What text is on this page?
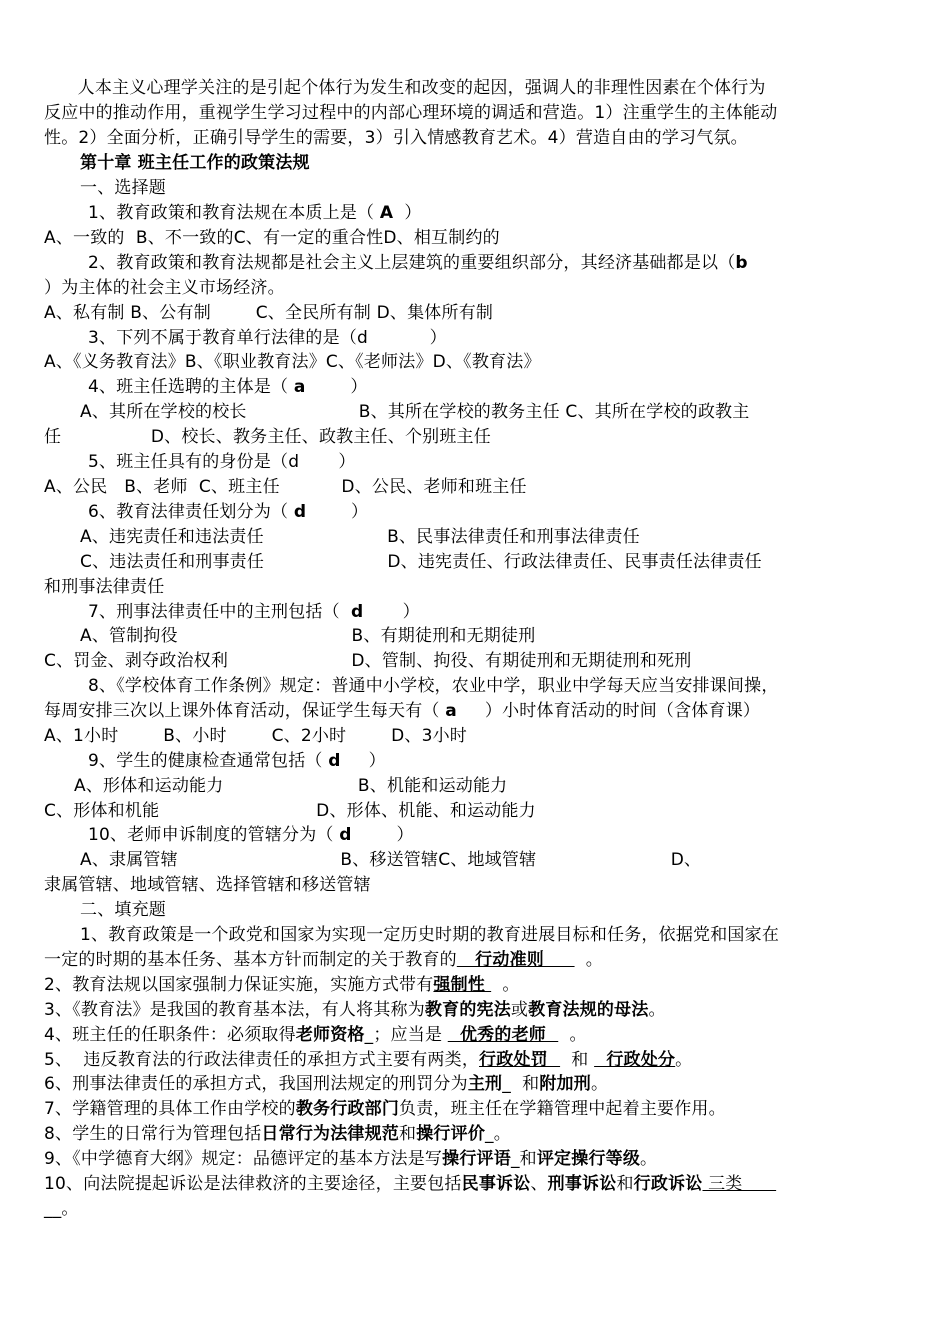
人本主义心理学关注的是引起个体行为发生和改变的起因，强调人的非理性因素在个体行为
反应中的推动作用，重视学生学习过程中的内部心理环境的调适和营造。1）注重学生的主体能动
性。2）全面分析，正确引导学生的需要，3）引入情感教育艺术。4）营造自由的学习气氛。
第十章 班主任工作的政策法规
一、选择题
1、教育政策和教育法规在本质上是（ A  ）
A、一致的  B、不一致的C、有一定的重合性D、相互制约的
2、教育政策和教育法规都是社会主义上层建筑的重要组织部分，其经济基础都是以（b
）为主体的社会主义市场经济。
A、私有制 B、公有制        C、全民所有制 D、集体所有制
3、下列不属于教育单行法律的是（d           ）
A、《义务教育法》B、《职业教育法》C、《老师法》D、《教育法》
4、班主任选聘的主体是（ a        ）
A、其所在学校的校长                    B、其所在学校的教务主任 C、其所在学校的政教主
任                D、校长、教务主任、政教主任、个别班主任
5、班主任具有的身份是（d       ）
A、公民   B、老师  C、班主任           D、公民、老师和班主任
6、教育法律责任划分为（ d        ）
A、违宪责任和违法责任                      B、民事法律责任和刑事法律责任
C、违法责任和刑事责任                      D、违宪责任、行政法律责任、民事责任法律责任
和刑事法律责任
7、刑事法律责任中的主刑包括（  d       ）
A、管制拘役                               B、有期徒刑和无期徒刑
C、罚金、剥夺政治权利                      D、管制、拘役、有期徒刑和无期徒刑和死刑
8、《学校体育工作条例》规定：普通中小学校，农业中学，职业中学每天应当安排课间操，
每周安排三次以上课外体育活动，保证学生每天有（ a     ）小时体育活动的时间（含体育课）
A、1小时        B、小时        C、2小时        D、3小时
9、学生的健康检查通常包括（ d     ）
A、形体和运动能力                        B、机能和运动能力
C、形体和机能                            D、形体、机能、和运动能力
10、老师申诉制度的管辖分为（ d        ）
A、隶属管辖                             B、移送管辖C、地域管辖                        D、
隶属管辖、地域管辖、选择管辖和移送管辖
二、填充题
1、教育政策是一个政党和国家为实现一定历史时期的教育进展目标和任务，依据党和国家在
一定的时期的基本任务、基本方针而制定的关于教育的   行动准则       。
2、教育法规以国家强制力保证实施，实施方式带有强制性   。
3、《教育法》是我国的教育基本法，有人将其称为教育的宪法或教育法规的母法。
4、班主任的任职条件：必须取得老师资格_；应当是   优秀的老师    。
5、  违反教育法的行政法律责任的承担方式主要有两类，行政处罚    和   行政处分。
6、刑事法律责任的承担方式，我国刑法规定的刑罚分为主刑_  和附加刑。
7、学籍管理的具体工作由学校的教务行政部门负责，班主任在学籍管理中起着主要作用。
8、学生的日常行为管理包括日常行为法律规范和操行评价_。
9、《中学德育大纲》规定：品德评定的基本方法是写操行评语_和评定操行等级。
10、向法院提起诉讼是法律救济的主要途径，主要包括民事诉讼、刑事诉讼和行政诉讼 三类
__。
